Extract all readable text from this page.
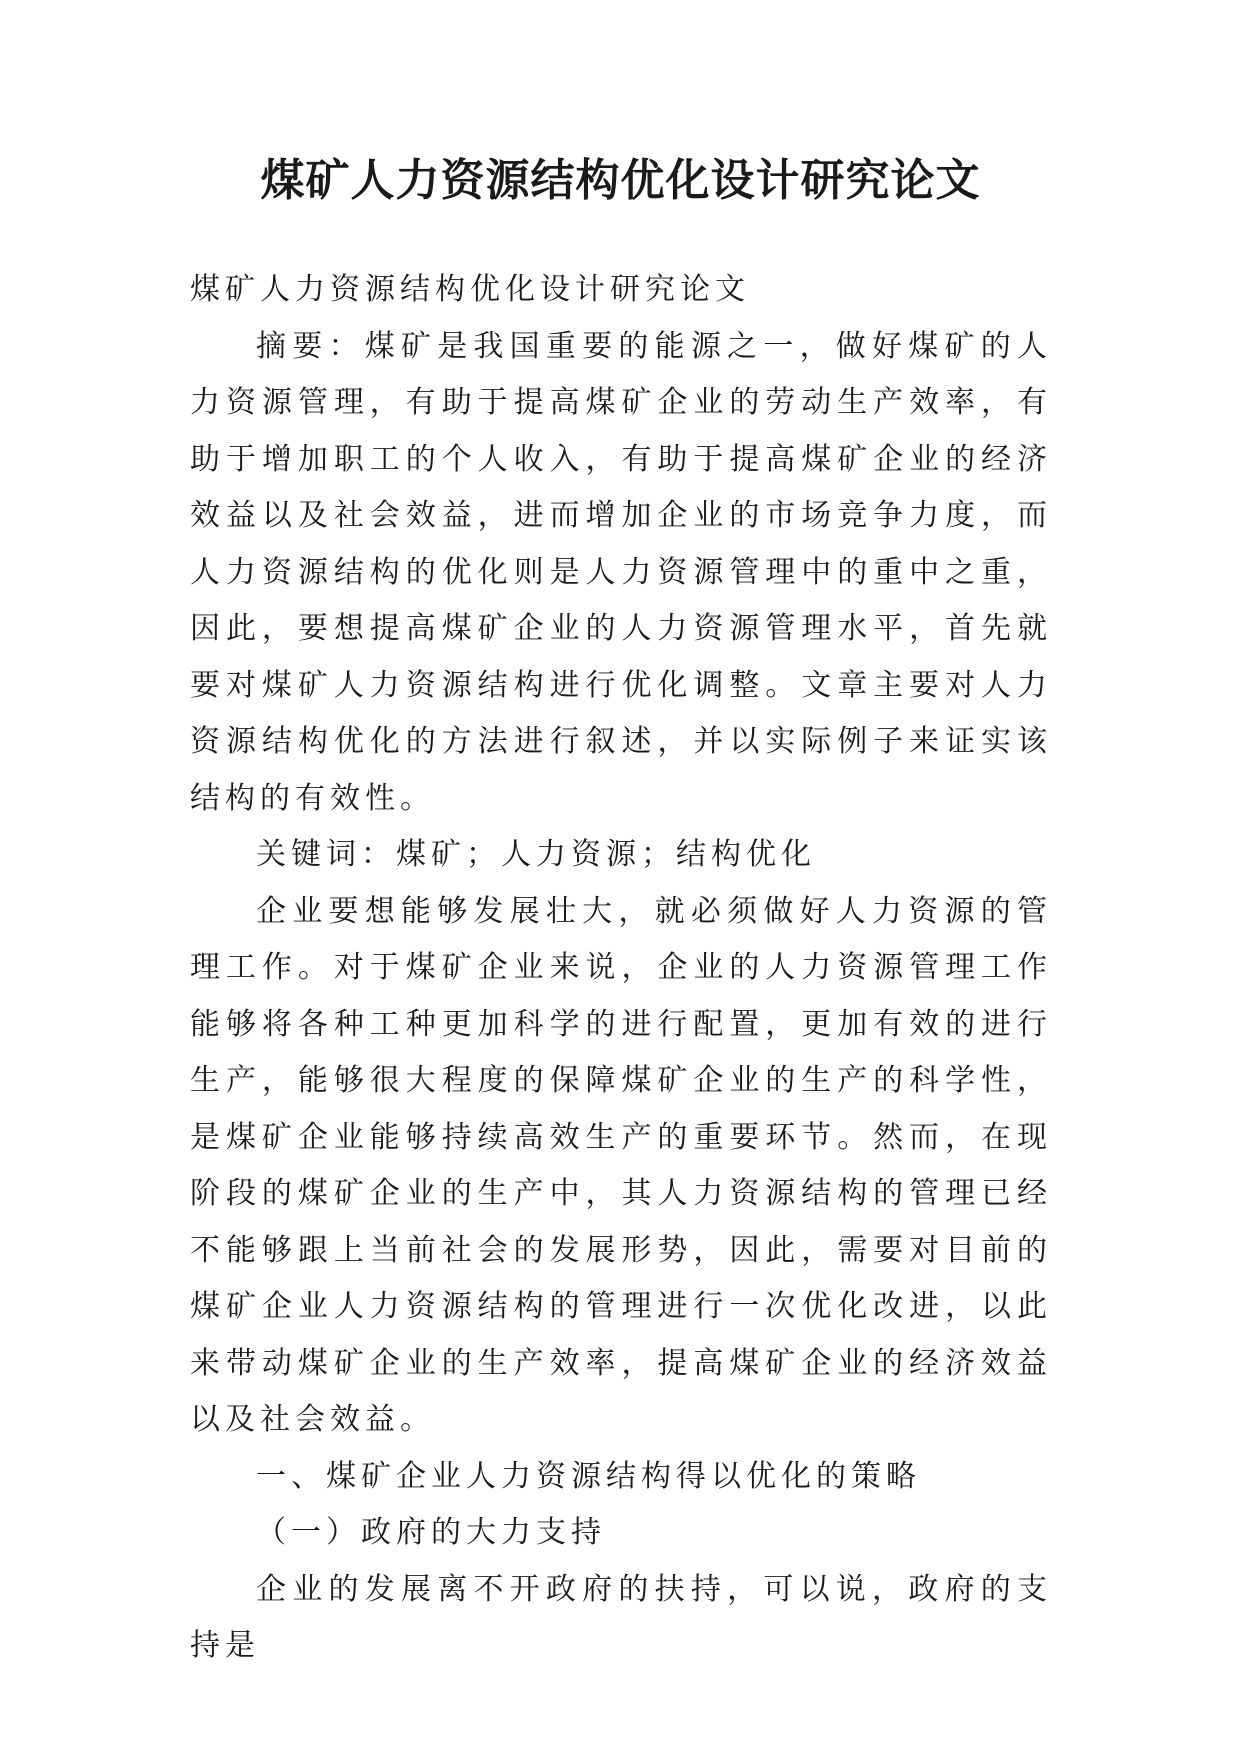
煤矿人力资源结构优化设计研究论文

煤矿人力资源结构优化设计研究论文

摘要：煤矿是我国重要的能源之一，做好煤矿的人力资源管理，有助于提高煤矿企业的劳动生产效率，有助于增加职工的个人收入，有助于提高煤矿企业的经济效益以及社会效益，进而增加企业的市场竞争力度，而人力资源结构的优化则是人力资源管理中的重中之重，因此，要想提高煤矿企业的人力资源管理水平，首先就要对煤矿人力资源结构进行优化调整。文章主要对人力资源结构优化的方法进行叙述，并以实际例子来证实该结构的有效性。

关键词：煤矿；人力资源；结构优化

企业要想能够发展壮大，就必须做好人力资源的管理工作。对于煤矿企业来说，企业的人力资源管理工作能够将各种工种更加科学的进行配置，更加有效的进行生产，能够很大程度的保障煤矿企业的生产的科学性，是煤矿企业能够持续高效生产的重要环节。然而，在现阶段的煤矿企业的生产中，其人力资源结构的管理已经不能够跟上当前社会的发展形势，因此，需要对目前的煤矿企业人力资源结构的管理进行一次优化改进，以此来带动煤矿企业的生产效率，提高煤矿企业的经济效益以及社会效益。

一、煤矿企业人力资源结构得以优化的策略

（一）政府的大力支持

企业的发展离不开政府的扶持，可以说，政府的支持是
